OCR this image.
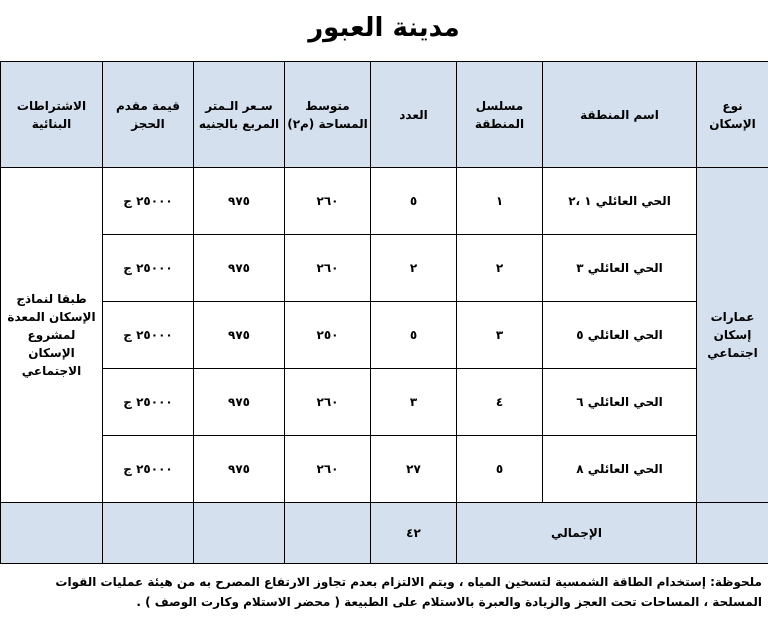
مدينة العبور
نوع الإسكان	اسم المنطقة	مسلسل المنطقة	العدد	متوسط المساحة (م٢)	سـعر الـمتر المربع بالجنيه	قيمة مقدم الحجز	الاشتراطات البنائية
عمارات إسكان اجتماعي	الحي العائلي ١ ،٢	١	٥	٢٦٠	٩٧٥	٢٥٠٠٠ ج	طبقا لنماذج الإسكان المعدة لمشروع الإسكان الاجتماعي
	الحي العائلي ٣	٢	٢	٢٦٠	٩٧٥	٢٥٠٠٠ ج	
	الحي العائلي ٥	٣	٥	٢٥٠	٩٧٥	٢٥٠٠٠ ج	
	الحي العائلي ٦	٤	٣	٢٦٠	٩٧٥	٢٥٠٠٠ ج	
	الحي العائلي ٨	٥	٢٧	٢٦٠	٩٧٥	٢٥٠٠٠ ج	
	الإجمالي		٤٢				
ملحوظة: إستخدام الطاقة الشمسية لتسخين المياه ، ويتم الالتزام بعدم تجاوز الارتفاع المصرح به من هيئة عمليات القوات المسلحة ، المساحات تحت العجز والزيادة والعبرة بالاستلام على الطبيعة ( محضر الاستلام وكارت الوصف ) .
